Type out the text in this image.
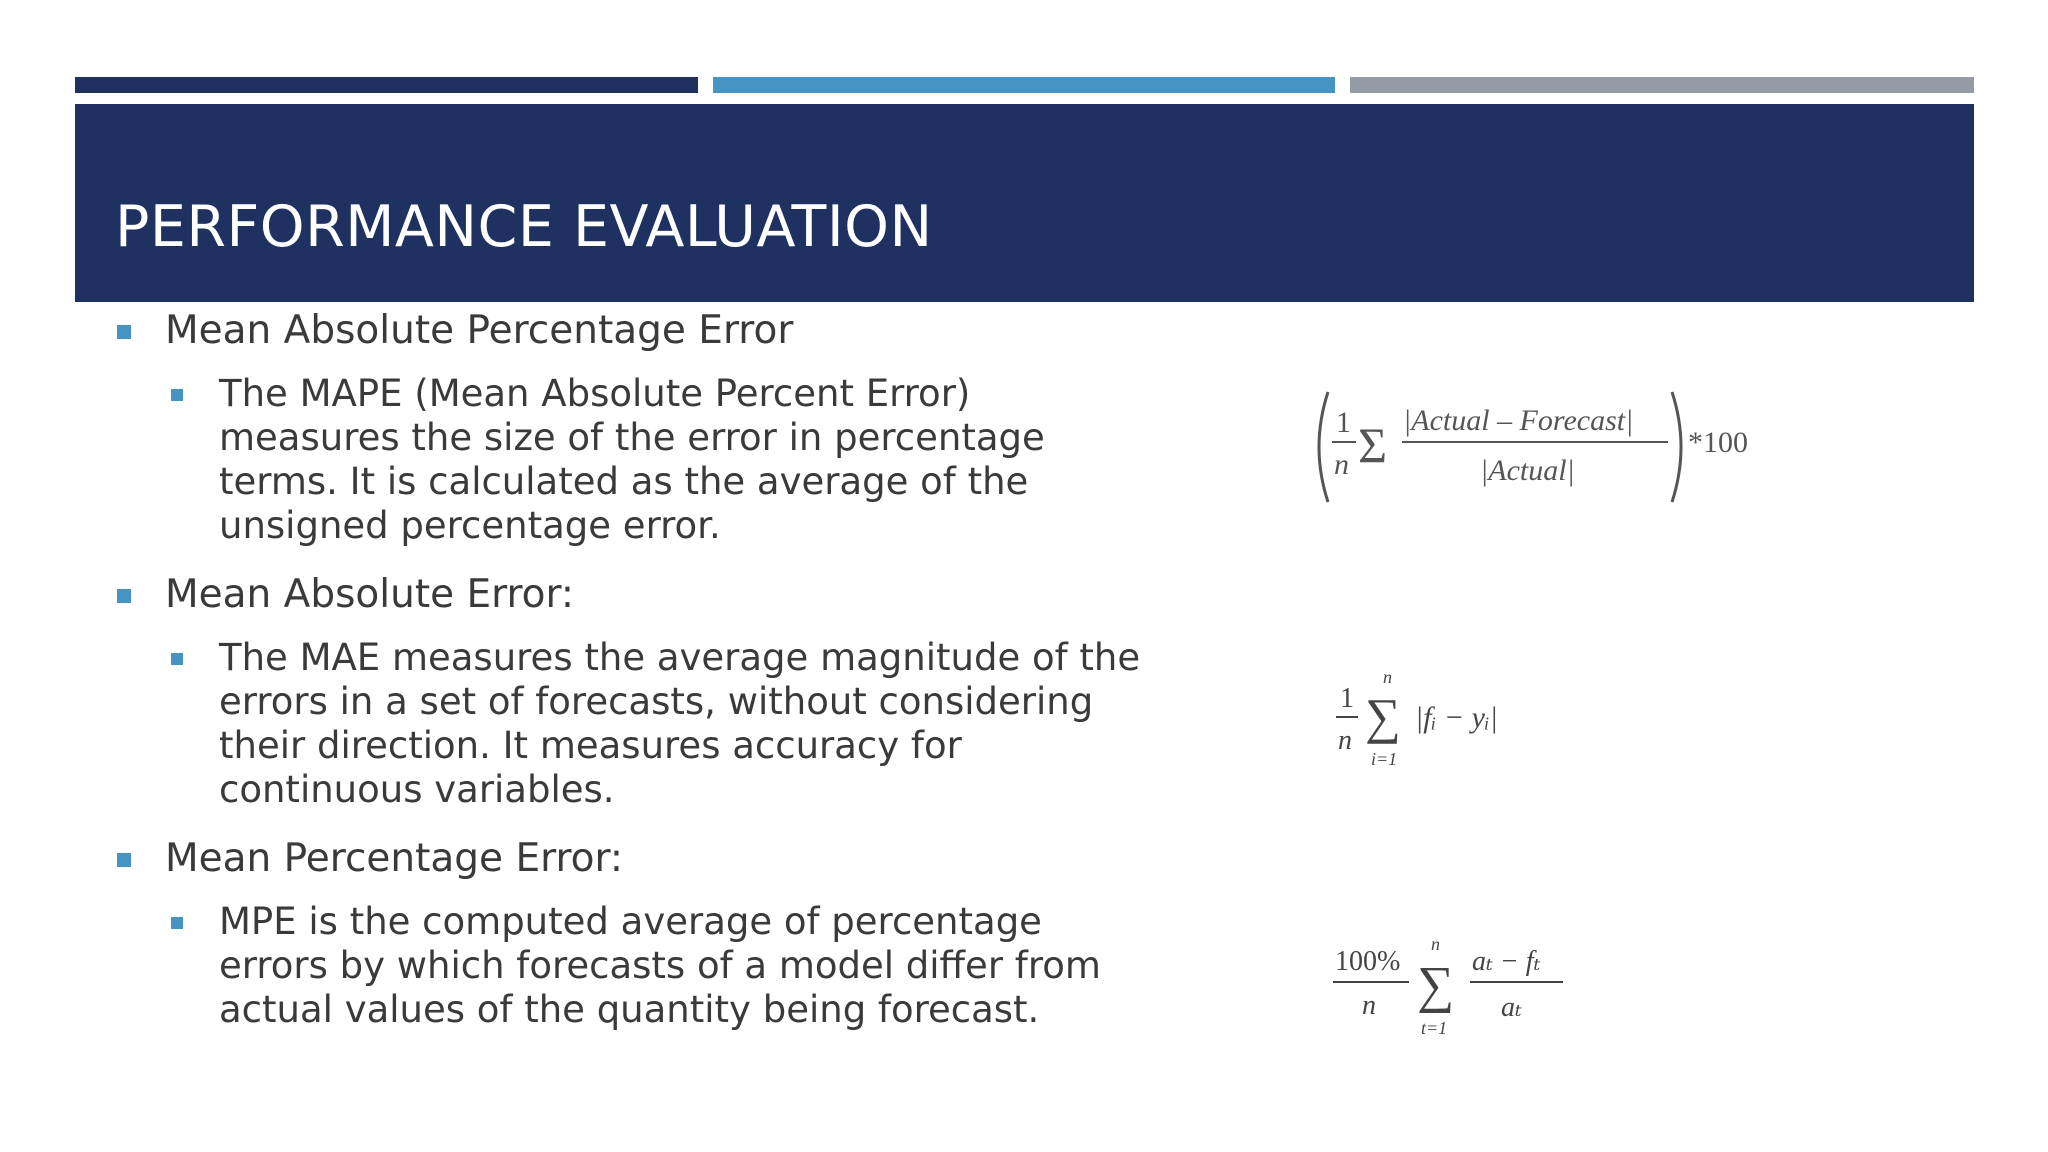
PERFORMANCE EVALUATION

Mean Absolute Percentage Error

The MAPE (Mean Absolute Percent Error) measures the size of the error in percentage terms. It is calculated as the average of the unsigned percentage error.

Mean Absolute Error:

The MAE measures the average magnitude of the errors in a set of forecasts, without considering their direction. It measures accuracy for continuous variables.

Mean Percentage Error:

MPE is the computed average of percentage errors by which forecasts of a model differ from actual values of the quantity being forecast.

1
n Σ |Actual – Forecast|
|Actual|
*100
1
n
n
∑
i=1
|fᵢ − yᵢ|
100%
n
n
∑
t=1
aₜ − fₜ
aₜ
